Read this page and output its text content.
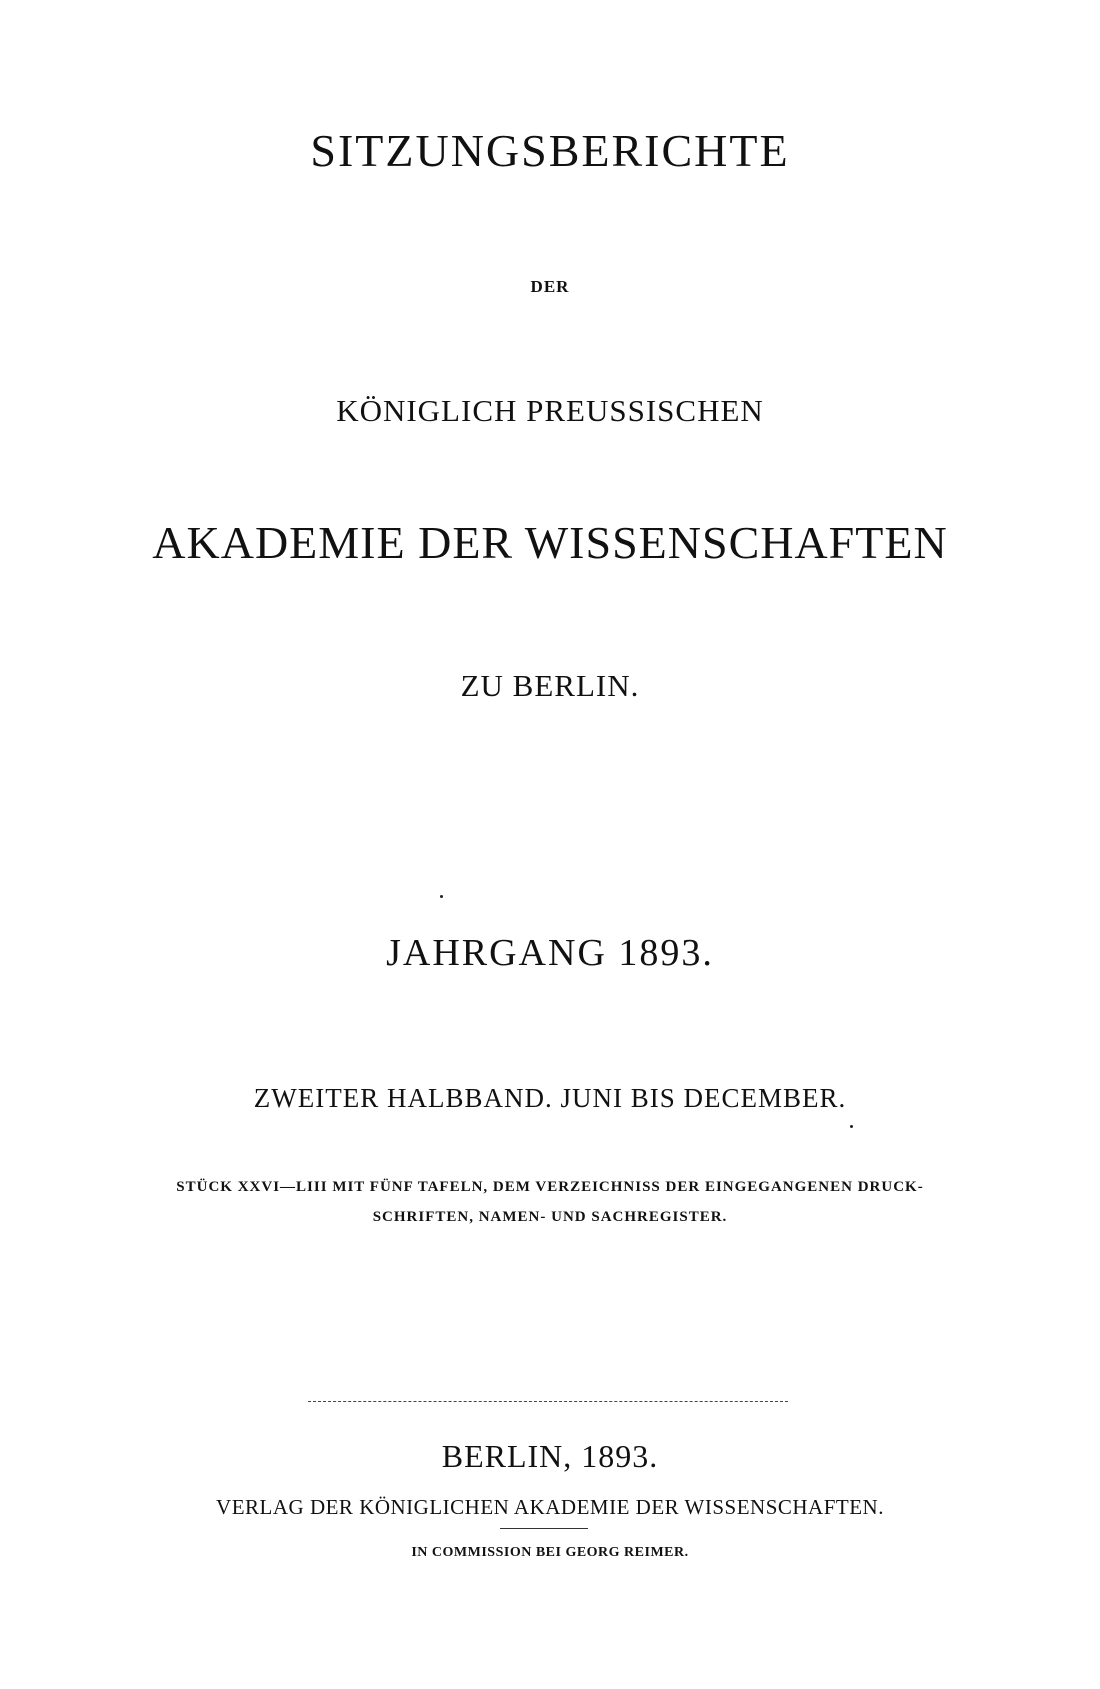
SITZUNGSBERICHTE
DER
KÖNIGLICH PREUSSISCHEN
AKADEMIE DER WISSENSCHAFTEN
ZU BERLIN.
JAHRGANG 1893.
ZWEITER HALBBAND. JUNI BIS DECEMBER.
STÜCK XXVI—LIII MIT FÜNF TAFELN, DEM VERZEICHNISS DER EINGEGANGENEN DRUCK-
SCHRIFTEN, NAMEN- UND SACHREGISTER.
BERLIN, 1893.
VERLAG DER KÖNIGLICHEN AKADEMIE DER WISSENSCHAFTEN.
IN COMMISSION BEI GEORG REIMER.
